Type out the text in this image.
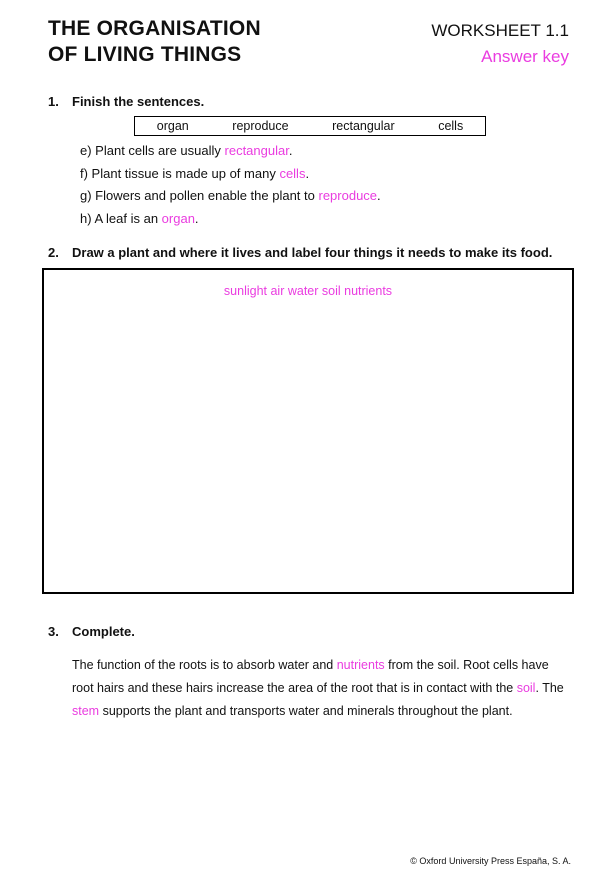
THE ORGANISATION
OF LIVING THINGS
WORKSHEET 1.1
Answer key
1. Finish the sentences.
organ	reproduce	rectangular	cells
e) Plant cells are usually rectangular.
f) Plant tissue is made up of many cells.
g) Flowers and pollen enable the plant to reproduce.
h) A leaf is an organ.
2. Draw a plant and where it lives and label four things it needs to make its food.
sunlight air water soil nutrients
3. Complete.
The function of the roots is to absorb water and nutrients from the soil. Root cells have root hairs and these hairs increase the area of the root that is in contact with the soil. The stem supports the plant and transports water and minerals throughout the plant.
© Oxford University Press España, S. A.
